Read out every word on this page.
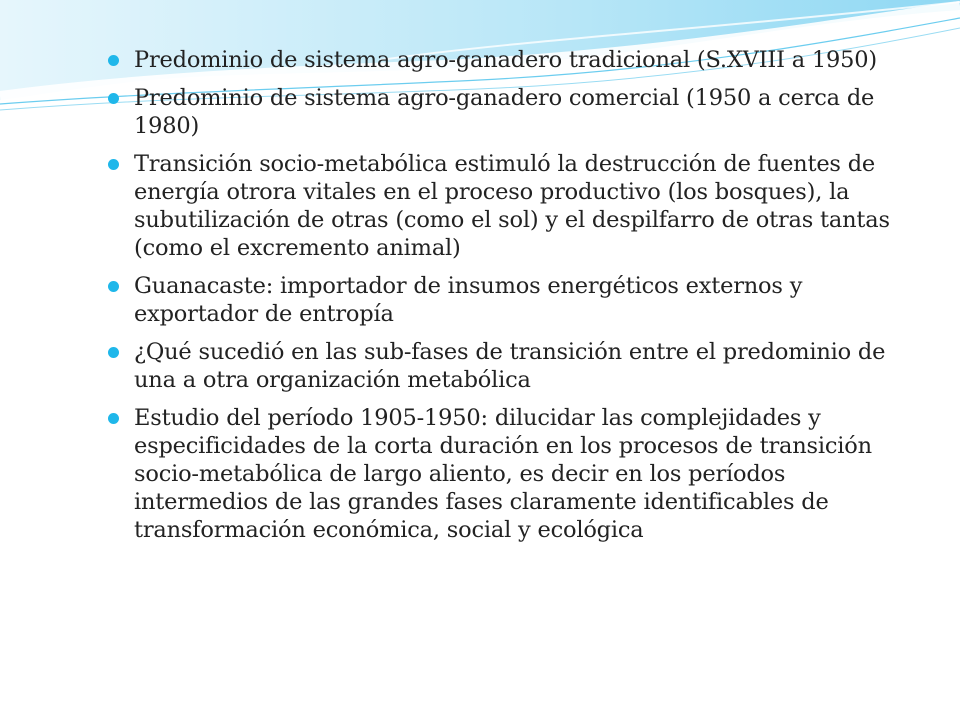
Predominio de sistema agro-ganadero tradicional (S.XVIII a 1950)
Predominio de sistema agro-ganadero comercial (1950 a cerca de 1980)
Transición socio-metabólica estimuló la destrucción de fuentes de energía otrora vitales en el proceso productivo (los bosques), la subutilización de otras (como el sol) y el despilfarro de otras tantas (como el excremento animal)
Guanacaste: importador de insumos energéticos externos y exportador de entropía
¿Qué sucedió en las sub-fases de transición entre el predominio de una a otra organización metabólica
Estudio del período 1905-1950: dilucidar las complejidades y especificidades de la corta duración en los procesos de transición socio-metabólica de largo aliento, es decir en los períodos intermedios de las grandes fases claramente identificables de transformación económica, social y ecológica
